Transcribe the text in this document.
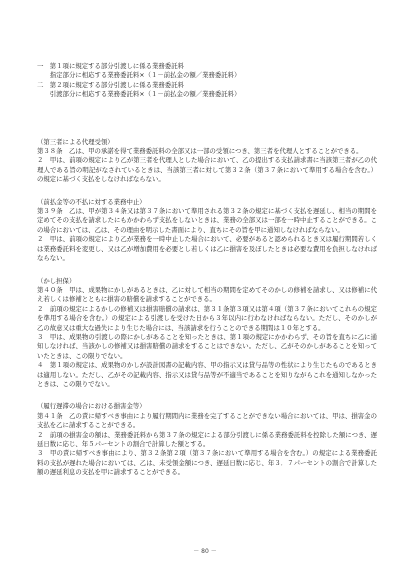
一　第１項に規定する部分引渡しに係る業務委託料
　　指定部分に相応する業務委託料×（１－前払金の額／業務委託料）
二　第２項に規定する部分引渡しに係る業務委託料
　　引渡部分に相応する業務委託料×（１－前払金の額／業務委託料）
（第三者による代理受領）
第３８条　乙は、甲の承諾を得て業務委託料の全部又は一部の受領につき、第三者を代理人とすることができる。
２　甲は、前項の規定により乙が第三者を代理人とした場合において、乙の提出する支払請求書に当該第三者が乙の代理人である旨の明記がなされているときは、当該第三者に対して第３２条（第３７条において準用する場合を含む。）の規定に基づく支払をしなければならない。
（前払金等の不払に対する業務中止）
第３９条　乙は、甲が第３４条又は第３７条において準用される第３２条の規定に基づく支払を遅延し、相当の期間を定めてその支払を請求したにもかかわらず支払をしないときは、業務の全部又は一部を一時中止することができる。この場合においては、乙は、その理由を明示した書面により、直ちにその旨を甲に通知しなければならない。
２　甲は、前項の規定により乙が業務を一時中止した場合において、必要があると認められるとき又は履行期間若しくは業務委託料を変更し、又は乙が増加費用を必要とし若しくは乙に損害を及ぼしたときは必要な費用を負担しなければならない。
（かし担保）
第４０条　甲は、成果物にかしがあるときは、乙に対して相当の期間を定めてそのかしの修補を請求し、又は修補に代え若しくは修補とともに損害の賠償を請求することができる。
２　前項の規定によるかしの修補又は損害賠償の請求は、第３１条第３項又は第４項（第３７条においてこれらの規定を準用する場合を含む。）の規定による引渡しを受けた日から３年以内に行わなければならない。ただし、そのかしが乙の故意又は重大な過失により生じた場合には、当該請求を行うことのできる期間は１０年とする。
３　甲は、成果物の引渡しの際にかしがあることを知ったときは、第１項の規定にかかわらず、その旨を直ちに乙に通知しなければ、当該かしの修補又は損害賠償の請求をすることはできない。ただし、乙がそのかしがあることを知っていたときは、この限りでない。
４　第１項の規定は、成果物のかしが設計図書の記載内容、甲の指示又は貸与品等の性状により生じたものであるときは適用しない。ただし、乙がその記載内容、指示又は貸与品等が不適当であることを知りながらこれを通知しなかったときは、この限りでない。
（履行遅滞の場合における損害金等）
第４１条　乙の責に帰すべき事由により履行期間内に業務を完了することができない場合においては、甲は、損害金の支払を乙に請求することができる。
２　前項の損害金の額は、業務委託料から第３７条の規定による部分引渡しに係る業務委託料を控除した額につき、遅延日数に応じ、年５パーセントの割合で計算した額とする。
３　甲の責に帰すべき事由により、第３２条第２項（第３７条において準用する場合を含む。）の規定による業務委託料の支払が遅れた場合においては、乙は、未受領金額につき、遅延日数に応じ、年３．７パーセントの割合で計算した額の遅延利息の支払を甲に請求することができる。
－ 80 －
